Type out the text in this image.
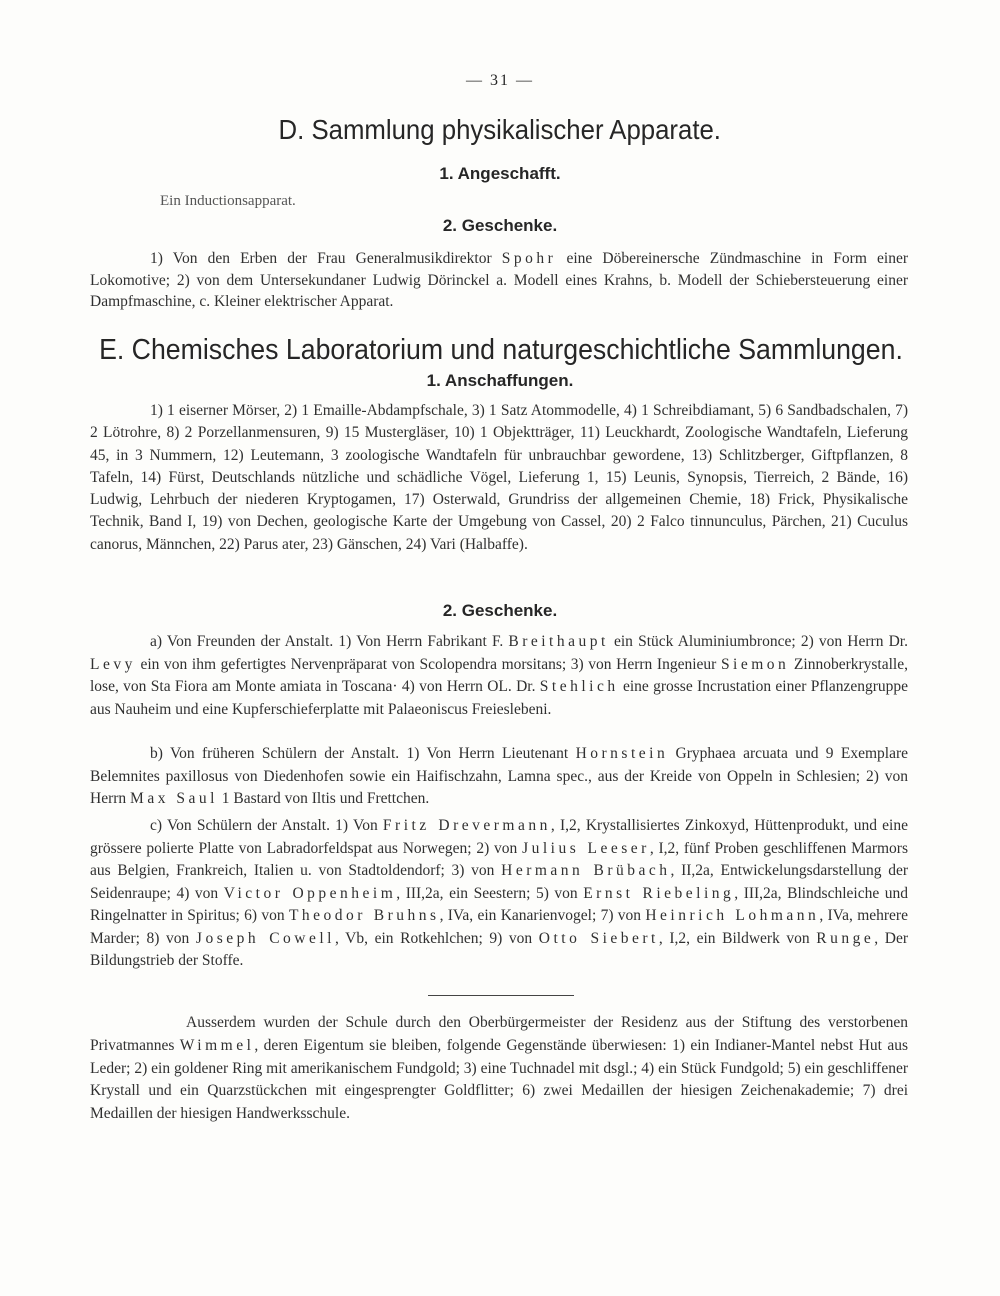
— 31 —
D. Sammlung physikalischer Apparate.
1. Angeschafft.
Ein Inductionsapparat.
2. Geschenke.
1) Von den Erben der Frau Generalmusikdirektor Spohr eine Döbereinersche Zündmaschine in Form einer Lokomotive; 2) von dem Untersekundaner Ludwig Dörinckel a. Modell eines Krahns, b. Modell der Schiebersteuerung einer Dampfmaschine, c. Kleiner elektrischer Apparat.
E. Chemisches Laboratorium und naturgeschichtliche Sammlungen.
1. Anschaffungen.
1) 1 eiserner Mörser, 2) 1 Emaille-Abdampfschale, 3) 1 Satz Atommodelle, 4) 1 Schreibdiamant, 5) 6 Sandbadschalen, 7) 2 Lötrohre, 8) 2 Porzellanmensuren, 9) 15 Mustergläser, 10) 1 Objektträger, 11) Leuckhardt, Zoologische Wandtafeln, Lieferung 45, in 3 Nummern, 12) Leutemann, 3 zoologische Wandtafeln für unbrauchbar gewordene, 13) Schlitzberger, Giftpflanzen, 8 Tafeln, 14) Fürst, Deutschlands nützliche und schädliche Vögel, Lieferung 1, 15) Leunis, Synopsis, Tierreich, 2 Bände, 16) Ludwig, Lehrbuch der niederen Kryptogamen, 17) Osterwald, Grundriss der allgemeinen Chemie, 18) Frick, Physikalische Technik, Band I, 19) von Dechen, geologische Karte der Umgebung von Cassel, 20) 2 Falco tinnunculus, Pärchen, 21) Cuculus canorus, Männchen, 22) Parus ater, 23) Gänschen, 24) Vari (Halbaffe).
2. Geschenke.
a) Von Freunden der Anstalt. 1) Von Herrn Fabrikant F. Breithaupt ein Stück Aluminiumbronce; 2) von Herrn Dr. Levy ein von ihm gefertigtes Nervenpräparat von Scolopendra morsitans; 3) von Herrn Ingenieur Siemon Zinnoberkrystalle, lose, von Sta Fiora am Monte amiata in Toscana· 4) von Herrn OL. Dr. Stehlich eine grosse Incrustation einer Pflanzengruppe aus Nauheim und eine Kupferschieferplatte mit Palaeoniscus Freieslebeni.
b) Von früheren Schülern der Anstalt. 1) Von Herrn Lieutenant Hornstein Gryphaea arcuata und 9 Exemplare Belemnites paxillosus von Diedenhofen sowie ein Haifischzahn, Lamna spec., aus der Kreide von Oppeln in Schlesien; 2) von Herrn Max Saul 1 Bastard von Iltis und Frettchen.
c) Von Schülern der Anstalt. 1) Von Fritz Drevermann, I,2, Krystallisiertes Zinkoxyd, Hüttenprodukt, und eine grössere polierte Platte von Labradorfeldspat aus Norwegen; 2) von Julius Leeser, I,2, fünf Proben geschliffenen Marmors aus Belgien, Frankreich, Italien u. von Stadtoldendorf; 3) von Hermann Brübach, II,2a, Entwickelungsdarstellung der Seidenraupe; 4) von Victor Oppenheim, III,2a, ein Seestern; 5) von Ernst Riebeling, III,2a, Blindschleiche und Ringelnatter in Spiritus; 6) von Theodor Bruhns, IVa, ein Kanarienvogel; 7) von Heinrich Lohmann, IVa, mehrere Marder; 8) von Joseph Cowell, Vb, ein Rotkehlchen; 9) von Otto Siebert, I,2, ein Bildwerk von Runge, Der Bildungstrieb der Stoffe.
Ausserdem wurden der Schule durch den Oberbürgermeister der Residenz aus der Stiftung des verstorbenen Privatmannes Wimmel, deren Eigentum sie bleiben, folgende Gegenstände überwiesen: 1) ein Indianer-Mantel nebst Hut aus Leder; 2) ein goldener Ring mit amerikanischem Fundgold; 3) eine Tuchnadel mit dsgl.; 4) ein Stück Fundgold; 5) ein geschliffener Krystall und ein Quarzstückchen mit eingesprengter Goldflitter; 6) zwei Medaillen der hiesigen Zeichenakademie; 7) drei Medaillen der hiesigen Handwerksschule.
